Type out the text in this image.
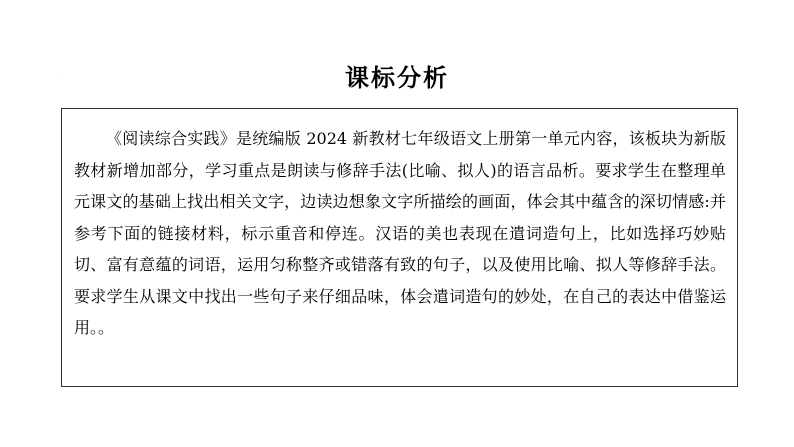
·	课标分析

《阅读综合实践》是统编版 2024 新教材七年级语文上册第一单元内容，该板块为新版教材新增加部分，学习重点是朗读与修辞手法(比喻、拟人)的语言品析。要求学生在整理单元课文的基础上找出相关文字，边读边想象文字所描绘的画面，体会其中蕴含的深切情感:并参考下面的链接材料，标示重音和停连。汉语的美也表现在遣词造句上，比如选择巧妙贴切、富有意蕴的词语，运用匀称整齐或错落有致的句子，以及使用比喻、拟人等修辞手法。要求学生从课文中找出一些句子来仔细品味，体会遣词造句的妙处，在自己的表达中借鉴运用。。
